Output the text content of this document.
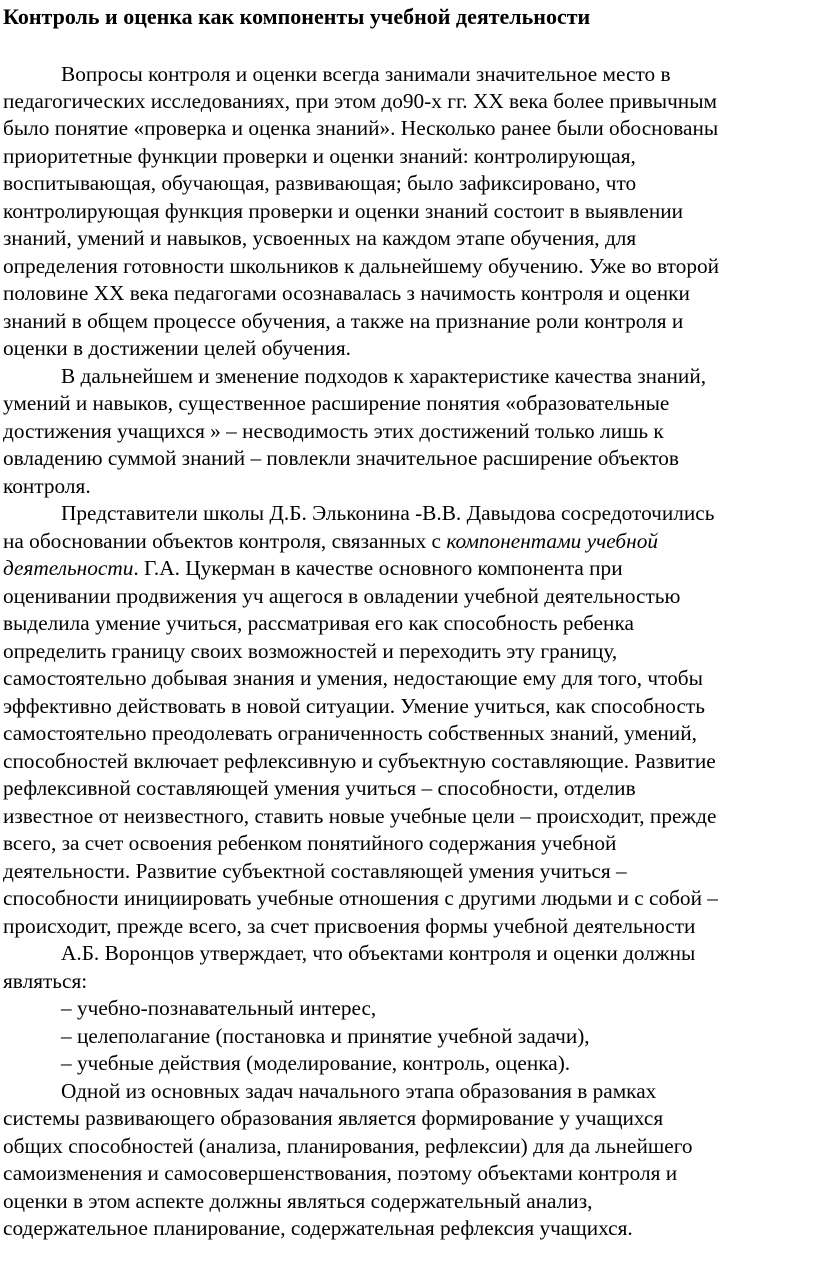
Контроль и оценка как компоненты учебной деятельности

Вопросы контроля и оценки всегда занимали значительное место в

педагогических исследованиях, при этом до90-х гг. XX века более привычным

было понятие «проверка и оценка знаний». Несколько ранее были обоснованы

приоритетные функции проверки и оценки знаний: контролирующая,

воспитывающая, обучающая, развивающая; было зафиксировано, что

контролирующая функция проверки и оценки знаний состоит в выявлении

знаний, умений и навыков, усвоенных на каждом этапе обучения, для

определения готовности школьников к дальнейшему обучению. Уже во второй

половине XX века педагогами осознавалась з начимость контроля и оценки

знаний в общем процессе обучения, а также на признание роли контроля и

оценки в достижении целей обучения.

В дальнейшем и зменение подходов к характеристике качества знаний,

умений и навыков, существенное расширение понятия «образовательные

достижения учащихся » – несводимость этих достижений только лишь к

овладению суммой знаний – повлекли значительное расширение объектов

контроля.

Представители школы Д.Б. Эльконина -В.В. Давыдова сосредоточились

на обосновании объектов контроля, связанных с компонентами учебной

деятельности. Г.А. Цукерман в качестве основного компонента при

оценивании продвижения уч ащегося в овладении учебной деятельностью

выделила умение учиться, рассматривая его как способность ребенка

определить границу своих возможностей и переходить эту границу,

самостоятельно добывая знания и умения, недостающие ему для того, чтобы

эффективно действовать в новой ситуации. Умение учиться, как способность

самостоятельно преодолевать ограниченность собственных знаний, умений,

способностей включает рефлексивную и субъектную составляющие. Развитие

рефлексивной составляющей умения учиться – способности, отделив

известное от неизвестного, ставить новые учебные цели – происходит, прежде

всего, за счет освоения ребенком понятийного содержания учебной

деятельности. Развитие субъектной составляющей умения учиться –

способности инициировать учебные отношения с другими людьми и с собой –

происходит, прежде всего, за счет присвоения формы учебной деятельности

А.Б. Воронцов утверждает, что объектами контроля и оценки должны

являться:

– учебно-познавательный интерес,

– целеполагание (постановка и принятие учебной задачи),

– учебные действия (моделирование, контроль, оценка).

Одной из основных задач начального этапа образования в рамках

системы развивающего образования является формирование у учащихся

общих способностей (анализа, планирования, рефлексии) для да льнейшего

самоизменения и самосовершенствования, поэтому объектами контроля и

оценки в этом аспекте должны являться содержательный анализ,

содержательное планирование, содержательная рефлексия учащихся.
